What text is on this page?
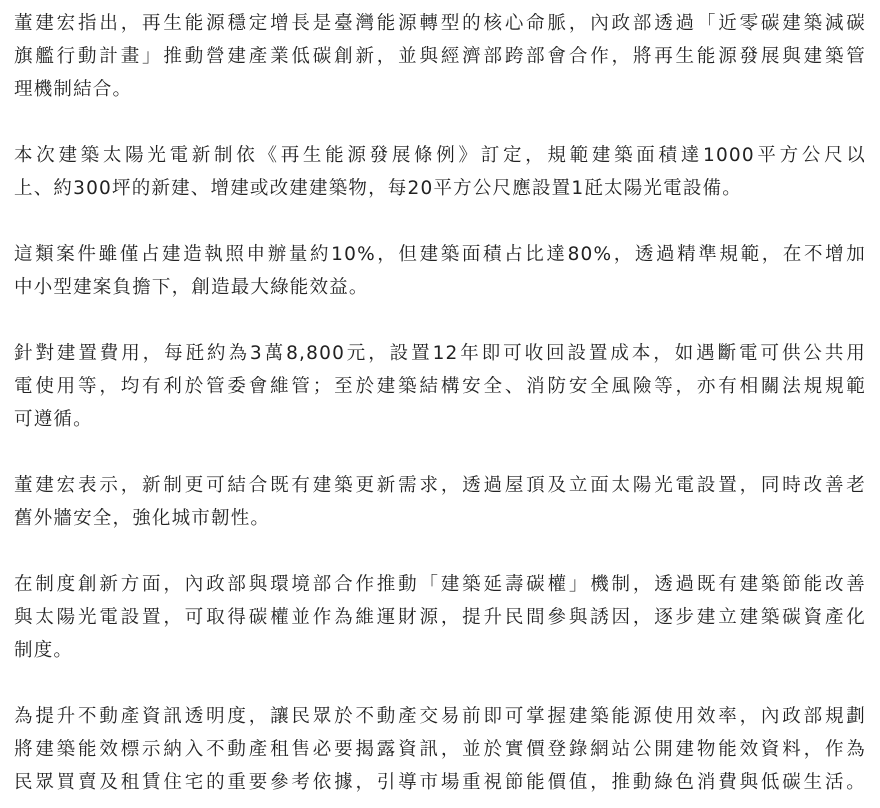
董建宏指出，再生能源穩定增長是臺灣能源轉型的核心命脈，內政部透過「近零碳建築減碳
旗艦行動計畫」推動營建產業低碳創新，並與經濟部跨部會合作，將再生能源發展與建築管
理機制結合。

本次建築太陽光電新制依《再生能源發展條例》訂定，規範建築面積達1000平方公尺以
上、約300坪的新建、增建或改建建築物，每20平方公尺應設置1瓩太陽光電設備。

這類案件雖僅占建造執照申辦量約10%，但建築面積占比達80%，透過精準規範，在不增加
中小型建案負擔下，創造最大綠能效益。

針對建置費用，每瓩約為3萬8,800元，設置12年即可收回設置成本，如遇斷電可供公共用
電使用等，均有利於管委會維管；至於建築結構安全、消防安全風險等，亦有相關法規規範
可遵循。

董建宏表示，新制更可結合既有建築更新需求，透過屋頂及立面太陽光電設置，同時改善老
舊外牆安全，強化城市韌性。

在制度創新方面，內政部與環境部合作推動「建築延壽碳權」機制，透過既有建築節能改善
與太陽光電設置，可取得碳權並作為維運財源，提升民間參與誘因，逐步建立建築碳資產化
制度。

為提升不動產資訊透明度，讓民眾於不動產交易前即可掌握建築能源使用效率，內政部規劃
將建築能效標示納入不動產租售必要揭露資訊，並於實價登錄網站公開建物能效資料，作為
民眾買賣及租賃住宅的重要參考依據，引導市場重視節能價值，推動綠色消費與低碳生活。
